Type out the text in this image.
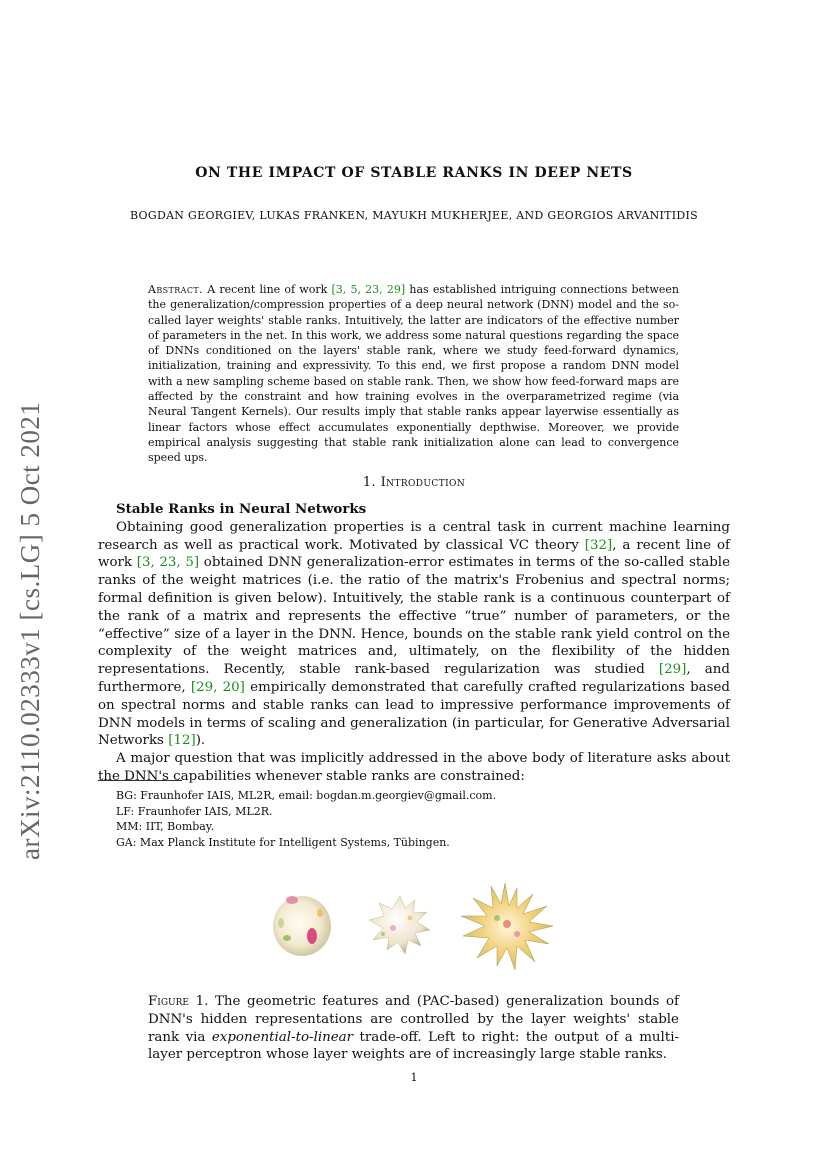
arXiv:2110.02333v1 [cs.LG] 5 Oct 2021
ON THE IMPACT OF STABLE RANKS IN DEEP NETS
BOGDAN GEORGIEV, LUKAS FRANKEN, MAYUKH MUKHERJEE, AND GEORGIOS ARVANITIDIS
Abstract. A recent line of work [3, 5, 23, 29] has established intriguing connections between the generalization/compression properties of a deep neural network (DNN) model and the so-called layer weights' stable ranks. Intuitively, the latter are indicators of the effective number of parameters in the net. In this work, we address some natural questions regarding the space of DNNs conditioned on the layers' stable rank, where we study feed-forward dynamics, initialization, training and expressivity. To this end, we first propose a random DNN model with a new sampling scheme based on stable rank. Then, we show how feed-forward maps are affected by the constraint and how training evolves in the overparametrized regime (via Neural Tangent Kernels). Our results imply that stable ranks appear layerwise essentially as linear factors whose effect accumulates exponentially depthwise. Moreover, we provide empirical analysis suggesting that stable rank initialization alone can lead to convergence speed ups.
1. Introduction
Stable Ranks in Neural Networks

Obtaining good generalization properties is a central task in current machine learning research as well as practical work. Motivated by classical VC theory [32], a recent line of work [3, 23, 5] obtained DNN generalization-error estimates in terms of the so-called stable ranks of the weight matrices (i.e. the ratio of the matrix's Frobenius and spectral norms; formal definition is given below). Intuitively, the stable rank is a continuous counterpart of the rank of a matrix and represents the effective “true” number of parameters, or the “effective” size of a layer in the DNN. Hence, bounds on the stable rank yield control on the complexity of the weight matrices and, ultimately, on the flexibility of the hidden representations. Recently, stable rank-based regularization was studied [29], and furthermore, [29, 20] empirically demonstrated that carefully crafted regularizations based on spectral norms and stable ranks can lead to impressive performance improvements of DNN models in terms of scaling and generalization (in particular, for Generative Adversarial Networks [12]).

A major question that was implicitly addressed in the above body of literature asks about the DNN's capabilities whenever stable ranks are constrained:

BG: Fraunhofer IAIS, ML2R, email: bogdan.m.georgiev@gmail.com.
LF: Fraunhofer IAIS, ML2R.
MM: IIT, Bombay.
GA: Max Planck Institute for Intelligent Systems, Tübingen.
Figure 1. The geometric features and (PAC-based) generalization bounds of DNN's hidden representations are controlled by the layer weights' stable rank via exponential-to-linear trade-off. Left to right: the output of a multi-layer perceptron whose layer weights are of increasingly large stable ranks.
1
